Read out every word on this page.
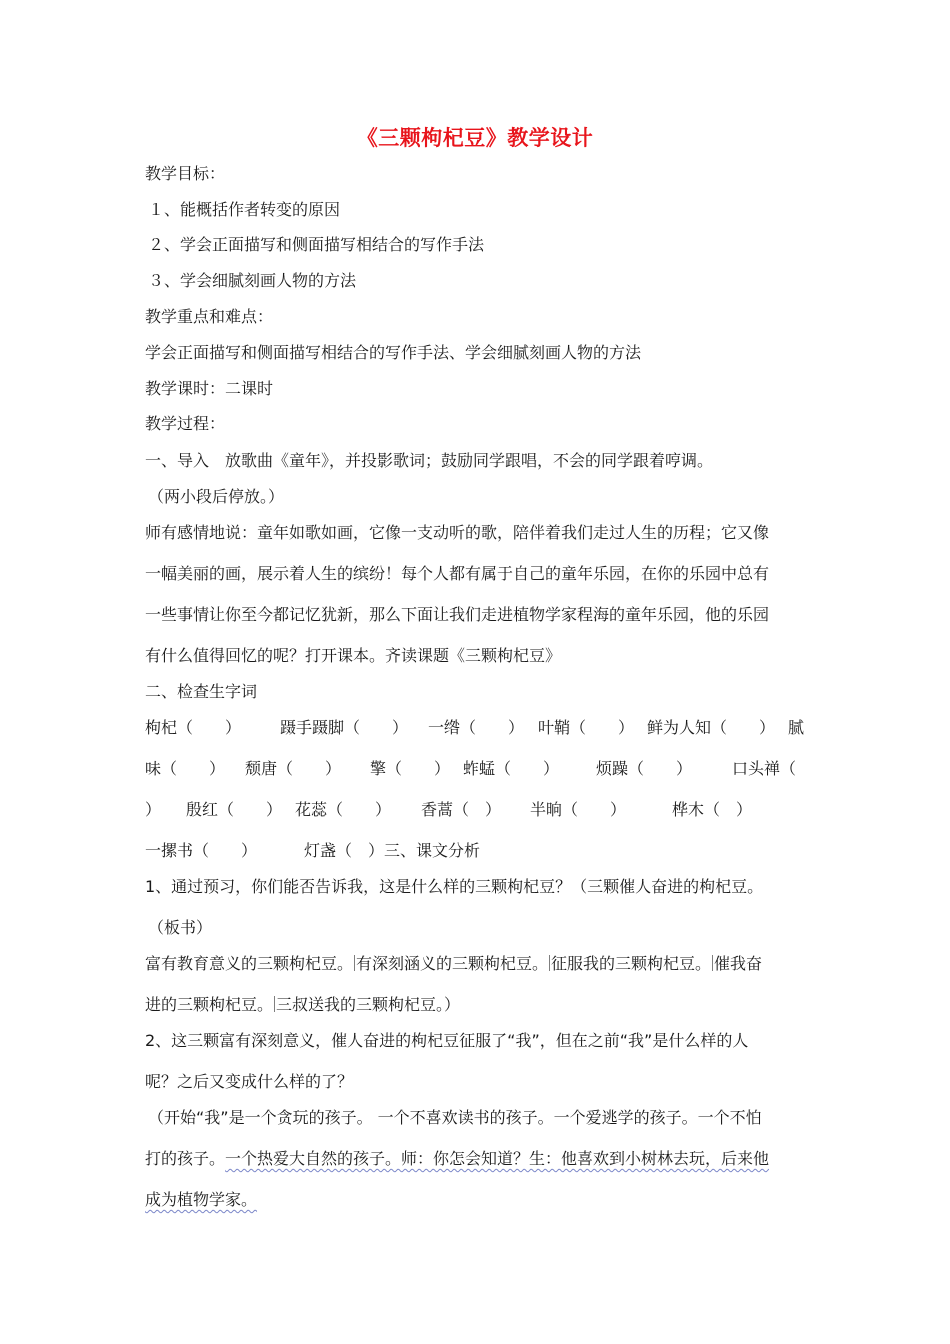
《三颗枸杞豆》教学设计
教学目标：
１、能概括作者转变的原因
２、学会正面描写和侧面描写相结合的写作手法
３、学会细腻刻画人物的方法
教学重点和难点：
学会正面描写和侧面描写相结合的写作手法、学会细腻刻画人物的方法
教学课时：二课时
教学过程：
一、导入　放歌曲《童年》，并投影歌词；鼓励同学跟唱，不会的同学跟着哼调。
（两小段后停放。）
师有感情地说：童年如歌如画，它像一支动听的歌，陪伴着我们走过人生的历程；它又像
一幅美丽的画，展示着人生的缤纷！每个人都有属于自己的童年乐园，在你的乐园中总有
一些事情让你至今都记忆犹新，那么下面让我们走进植物学家程海的童年乐园，他的乐园
有什么值得回忆的呢？打开课本。齐读课题《三颗枸杞豆》
二、检查生字词
枸杞（　　） 蹑手蹑脚（　　） 一绺（　　） 叶鞘（　　） 鲜为人知（　　） 腻
味（　　） 颓唐（　　） 擎（　　） 蚱蜢（　　） 烦躁（　　） 口头禅（
） 殷红（　　） 花蕊（　　） 香蒿（　） 半晌（　　）	桦木（　）
一摞书（　　）	灯盏（　）三、课文分析
1、通过预习，你们能否告诉我，这是什么样的三颗枸杞豆？（三颗催人奋进的枸杞豆。
（板书）
富有教育意义的三颗枸杞豆。 有深刻涵义的三颗枸杞豆。 征服我的三颗枸杞豆。 催我奋
进的三颗枸杞豆。 三叔送我的三颗枸杞豆。）
2、这三颗富有深刻意义，催人奋进的枸杞豆征服了“我”，但在之前“我”是什么样的人
呢？之后又变成什么样的了？
（开始“我”是一个贪玩的孩子。 一个不喜欢读书的孩子。一个爱逃学的孩子。一个不怕
打的孩子。一个热爱大自然的孩子。师：你怎会知道？生：他喜欢到小树林去玩，后来他
成为植物学家。
